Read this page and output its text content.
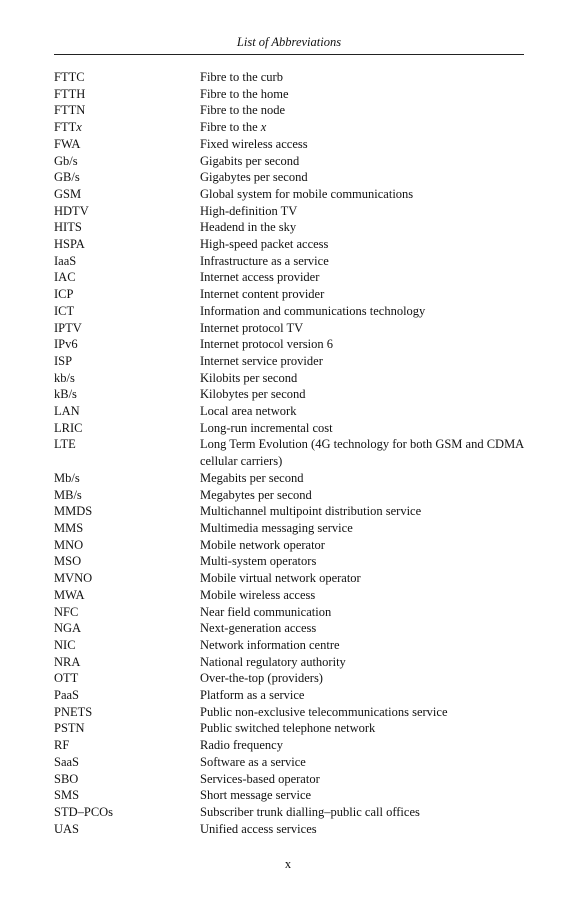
List of Abbreviations
FTTC	Fibre to the curb
FTTH	Fibre to the home
FTTN	Fibre to the node
FTTx	Fibre to the x
FWA	Fixed wireless access
Gb/s	Gigabits per second
GB/s	Gigabytes per second
GSM	Global system for mobile communications
HDTV	High-definition TV
HITS	Headend in the sky
HSPA	High-speed packet access
IaaS	Infrastructure as a service
IAC	Internet access provider
ICP	Internet content provider
ICT	Information and communications technology
IPTV	Internet protocol TV
IPv6	Internet protocol version 6
ISP	Internet service provider
kb/s	Kilobits per second
kB/s	Kilobytes per second
LAN	Local area network
LRIC	Long-run incremental cost
LTE	Long Term Evolution (4G technology for both GSM and CDMA cellular carriers)
Mb/s	Megabits per second
MB/s	Megabytes per second
MMDS	Multichannel multipoint distribution service
MMS	Multimedia messaging service
MNO	Mobile network operator
MSO	Multi-system operators
MVNO	Mobile virtual network operator
MWA	Mobile wireless access
NFC	Near field communication
NGA	Next-generation access
NIC	Network information centre
NRA	National regulatory authority
OTT	Over-the-top (providers)
PaaS	Platform as a service
PNETS	Public non-exclusive telecommunications service
PSTN	Public switched telephone network
RF	Radio frequency
SaaS	Software as a service
SBO	Services-based operator
SMS	Short message service
STD–PCOs	Subscriber trunk dialling–public call offices
UAS	Unified access services
x
